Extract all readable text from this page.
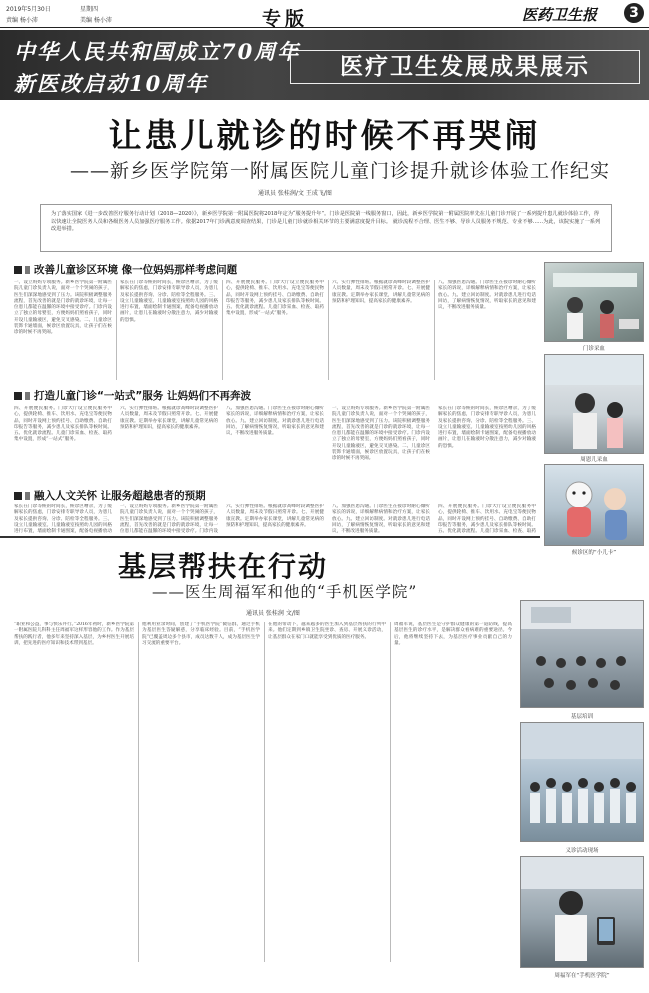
2019年5月30日	星期四
责编 杨小沛	美编 杨小沛	专版	医药卫生报	3
中华人民共和国成立70周年
新医改启动10周年
医疗卫生发展成果展示
让患儿就诊的时候不再哭闹
——新乡医学院第一附属医院儿童门诊提升就诊体验工作纪实
通讯员 张桂润/文 王成飞/图
为了落实国家《进一步改善医疗服务行动计划（2018—2020）》，新乡医学院第一附属医院将2018年定为“服务提升年”。门诊是医院第一线服务窗口，因此，新乡医学院第一附属医院率先在儿童门诊开展了一系列提升患儿就诊体验工作，得以快速让全院医务人员和各级医务人员加强医疗服务工作。依据2017年门诊满意度调查结果，门诊是儿童门诊就诊相关环节的主要满意度提升目标。 就诊流程不合理、医生不够、导诊人员服务不规范、专业不够……为此，该院实施了一系列改进举措。
改善儿童诊区环境 像一位妈妈那样考虑问题
一、设立妈妈专项服务。新乡医学院第一附属医院儿童门诊负责人说，面对一个个哭闹的孩子，医生们深深地感受到了压力。该院积极调整服务流程，首先改善的就是门诊的就诊环境，让每一位患儿都能在温馨的环境中接受诊疗。门诊内设立了独立的母婴室，方便妈妈们照看孩子，同时开设儿童输液区，避免交叉感染。二、儿童诊区装饰卡通墙面，候诊区放置玩具，让孩子们在候诊的时候不再哭闹。
家长在门诊等候的时间长，候诊区嘈杂，为了缓解家长的焦虑，门诊安排专职导诊人员，为患儿及家长提供咨询、分诊、陪检等全程服务。三、设立儿童输液室。儿童输液室按照幼儿园的风格进行布置，墙面绘制卡通图案，配备电视播放动画片，让患儿在输液时分散注意力，减少对输液的恐惧。
四、开展便民服务。门诊大厅设立便民服务中心，提供轮椅、推车、饮用水、充电宝等便民物品，同时开设网上预约挂号、自助缴费、自助打印报告等服务，减少患儿及家长排队等候时间。五、优化就诊流程。儿童门诊采血、检查、取药集中设置，形成“一站式”服务。
六、实行弹性排班。根据就诊高峰时段调整医护人员数量，周末及节假日照常开诊。七、开展健康宣教。定期举办家长课堂，讲解儿童常见病的预防和护理知识，提高家长的健康素养。
八、加强医患沟通。门诊医生在接诊时耐心倾听家长的诉说，详细解释病情和治疗方案，让家长放心。九、建立回访制度。对就诊患儿进行电话回访，了解病情恢复情况，听取家长的意见和建议，不断改进服务质量。
打造儿童门诊“一站式”服务 让妈妈们不再奔波
四、开展便民服务。门诊大厅设立便民服务中心，提供轮椅、推车、饮用水、充电宝等便民物品，同时开设网上预约挂号、自助缴费、自助打印报告等服务，减少患儿及家长排队等候时间。五、优化就诊流程。儿童门诊采血、检查、取药集中设置，形成“一站式”服务。
六、实行弹性排班。根据就诊高峰时段调整医护人员数量，周末及节假日照常开诊。七、开展健康宣教。定期举办家长课堂，讲解儿童常见病的预防和护理知识，提高家长的健康素养。
八、加强医患沟通。门诊医生在接诊时耐心倾听家长的诉说，详细解释病情和治疗方案，让家长放心。九、建立回访制度。对就诊患儿进行电话回访，了解病情恢复情况，听取家长的意见和建议，不断改进服务质量。
一、设立妈妈专项服务。新乡医学院第一附属医院儿童门诊负责人说，面对一个个哭闹的孩子，医生们深深地感受到了压力。该院积极调整服务流程，首先改善的就是门诊的就诊环境，让每一位患儿都能在温馨的环境中接受诊疗。门诊内设立了独立的母婴室，方便妈妈们照看孩子，同时开设儿童输液区，避免交叉感染。二、儿童诊区装饰卡通墙面，候诊区放置玩具，让孩子们在候诊的时候不再哭闹。
家长在门诊等候的时间长，候诊区嘈杂，为了缓解家长的焦虑，门诊安排专职导诊人员，为患儿及家长提供咨询、分诊、陪检等全程服务。三、设立儿童输液室。儿童输液室按照幼儿园的风格进行布置，墙面绘制卡通图案，配备电视播放动画片，让患儿在输液时分散注意力，减少对输液的恐惧。
融入人文关怀 让服务超越患者的预期
家长在门诊等候的时间长，候诊区嘈杂，为了缓解家长的焦虑，门诊安排专职导诊人员，为患儿及家长提供咨询、分诊、陪检等全程服务。三、设立儿童输液室。儿童输液室按照幼儿园的风格进行布置，墙面绘制卡通图案，配备电视播放动
一、设立妈妈专项服务。新乡医学院第一附属医院儿童门诊负责人说，面对一个个哭闹的孩子，医生们深深地感受到了压力。该院积极调整服务流程，首先改善的就是门诊的就诊环境，让每一位患儿都能在温馨的环境中接受诊疗。门诊内设
六、实行弹性排班。根据就诊高峰时段调整医护人员数量，周末及节假日照常开诊。七、开展健康宣教。定期举办家长课堂，讲解儿童常见病的预防和护理知识，提高家长的健康素养。
八、加强医患沟通。门诊医生在接诊时耐心倾听家长的诉说，详细解释病情和治疗方案，让家长放心。九、建立回访制度。对就诊患儿进行电话回访，了解病情恢复情况，听取家长的意见和建议，不断改进服务质量。
四、开展便民服务。门诊大厅设立便民服务中心，提供轮椅、推车、饮用水、充电宝等便民物品，同时开设网上预约挂号、自助缴费、自助打印报告等服务，减少患儿及家长排队等候时间。五、优化就诊流程。儿童门诊采血、检查、取药
门诊采血
周恩儿采血
候诊区的“小儿卡”
基层帮扶在行动
——医生周福军和他的“手机医学院”
通讯员 张桂润 文/图
“职业和公益，事与快乐并行。”2016年初时，新乡医学院第一附属医院儿科科主任周福军这样形容他的工作。作为基层帮扶的践行者，他多年来坚持深入基层，为乡村医生开展培训，把先进的医疗知识和技术带到基层。
他利用业余时间，创建了“手机医学院”微信群，通过手机为基层医生答疑解惑，分享临床经验。目前，“手机医学院”已覆盖周边多个县市，成员达数千人，成为基层医生学习交流的重要平台。
在他的带动下，越来越多的医生加入到基层帮扶的行列中来。他们定期到乡镇卫生院坐诊、查房、开展义诊活动，让基层群众在家门口就能享受到优质的医疗服务。
周福军说，基层医生是守护群众健康的第一道防线，提高基层医生的诊疗水平，是解决群众看病难的重要途径。今后，他将继续坚持下去，为基层医疗事业贡献自己的力量。
基层培训
义诊活动现场
周福军在“手机医学院”
